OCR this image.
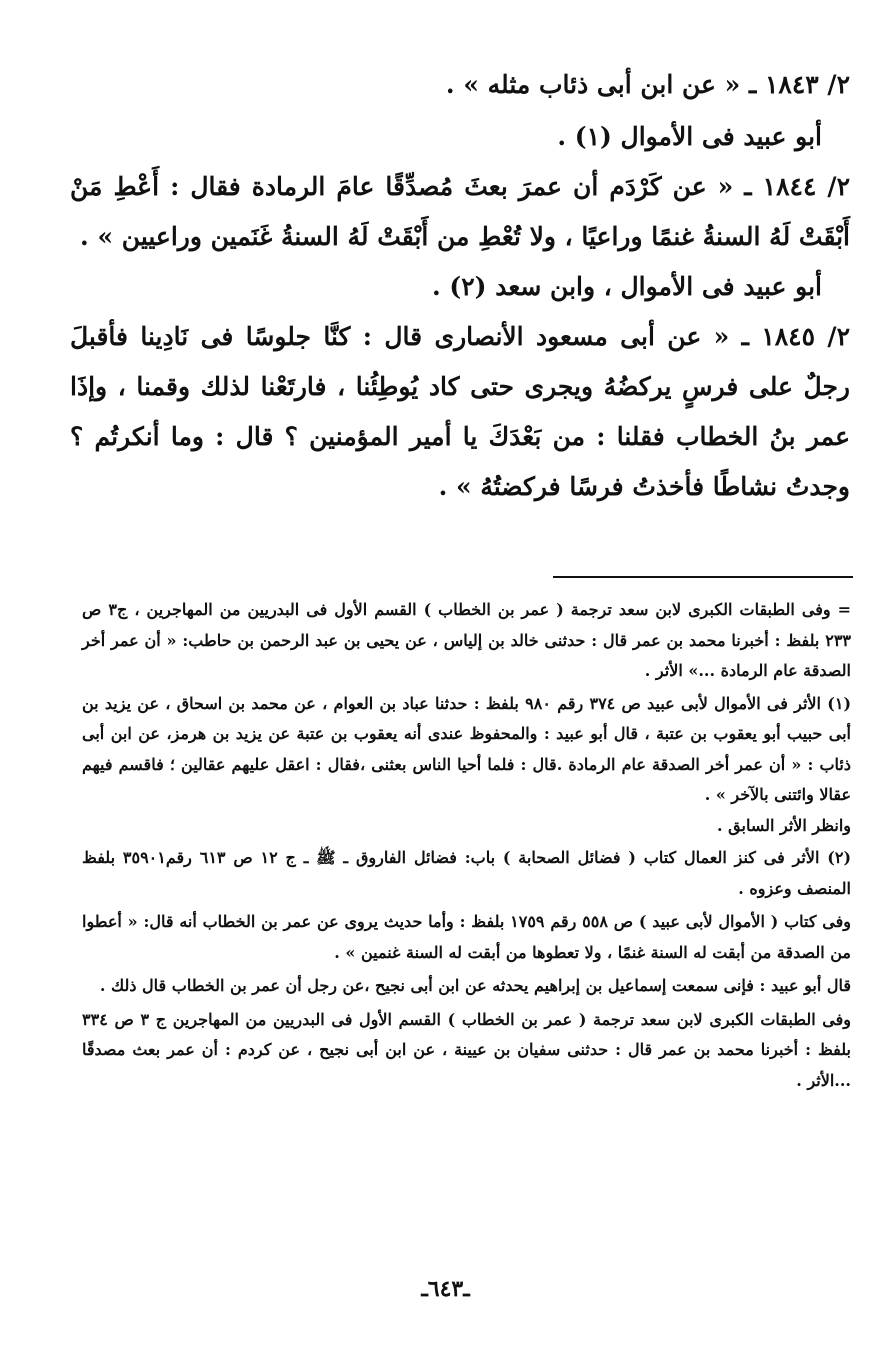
٢/ ١٨٤٣ ـ « عن ابن أبى ذئاب مثله » .

أبو عبيد فى الأموال (١) .

٢/ ١٨٤٤ ـ « عن كَرْدَم أن عمرَ بعثَ مُصدِّقًا عامَ الرمادة فقال : أَعْطِ مَنْ أَبْقَتْ لَهُ السنةُ غنمًا وراعيًا ، ولا تُعْطِ من أَبْقَتْ لَهُ السنةُ غَنَمين وراعيين » .

أبو عبيد فى الأموال ، وابن سعد (٢) .

٢/ ١٨٤٥ ـ « عن أبى مسعود الأنصارى قال : كنَّا جلوسًا فى نَادِينا فأقبلَ رجلٌ على فرسٍ يركضُهُ ويجرى حتى كاد يُوطِئُنا ، فارتَعْنا لذلك وقمنا ، وإذَا عمر بنُ الخطاب فقلنا : من بَعْدَكَ يا أمير المؤمنين ؟ قال : وما أنكرتُم ؟ وجدتُ نشاطًا فأخذتُ فرسًا فركضتُهُ » .

= وفى الطبقات الكبرى لابن سعد ترجمة ( عمر بن الخطاب ) القسم الأول فى البدريين من المهاجرين ، ج٣ ص ٢٣٣ بلفظ : أخبرنا محمد بن عمر قال : حدثنى خالد بن إلياس ، عن يحيى بن عبد الرحمن بن حاطب: « أن عمر أخر الصدقة عام الرمادة ...» الأثر .

(١) الأثر فى الأموال لأبى عبيد ص ٣٧٤ رقم ٩٨٠ بلفظ : حدثنا عباد بن العوام ، عن محمد بن اسحاق ، عن يزيد بن أبى حبيب أبو يعقوب بن عتبة ، قال أبو عبيد : والمحفوظ عندى أنه يعقوب بن عتبة عن يزيد بن هرمز، عن ابن أبى ذئاب : « أن عمر أخر الصدقة عام الرمادة .قال : فلما أحيا الناس بعثنى ،فقال : اعقل عليهم عقالين ؛ فاقسم فيهم عقالا وائتنى بالآخر » .

وانظر الأثر السابق .

(٢) الأثر فى كنز العمال كتاب ( فضائل الصحابة ) باب: فضائل الفاروق ـ ﷺ ـ ج ١٢ ص ٦١٣ رقم٣٥٩٠١ بلفظ المنصف وعزوه .

وفى كتاب ( الأموال لأبى عبيد ) ص ٥٥٨ رقم ١٧٥٩ بلفظ : وأما حديث يروى عن عمر بن الخطاب أنه قال: « أعطوا من الصدقة من أبقت له السنة غنمًا ، ولا تعطوها من أبقت له السنة غنمين » .

قال أبو عبيد : فإنى سمعت إسماعيل بن إبراهيم يحدثه عن ابن أبى نجيح ،عن رجل أن عمر بن الخطاب قال ذلك .

وفى الطبقات الكبرى لابن سعد ترجمة ( عمر بن الخطاب ) القسم الأول فى البدريين من المهاجرين ج ٣ ص ٣٣٤ بلفظ : أخبرنا محمد بن عمر قال : حدثنى سفيان بن عيينة ، عن ابن أبى نجيح ، عن كردم : أن عمر بعث مصدقًا ...الأثر .

ـ٦٤٣ـ
